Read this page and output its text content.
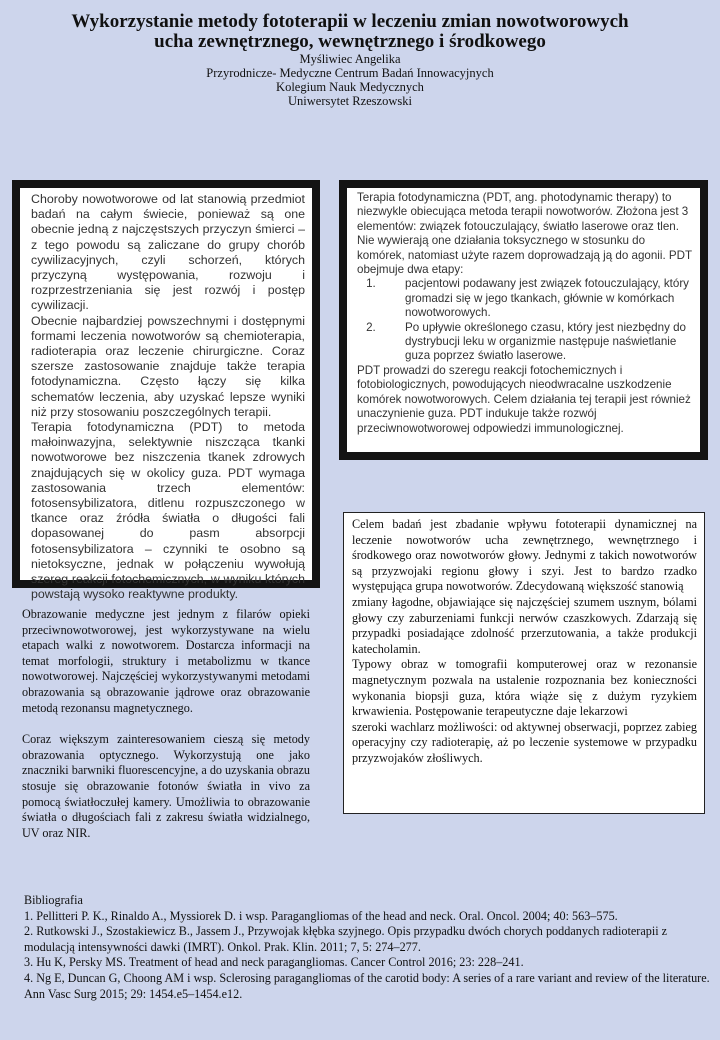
Wykorzystanie metody fototerapii w leczeniu zmian nowotworowych ucha zewnętrznego, wewnętrznego i środkowego
Myśliwiec Angelika
Przyrodnicze- Medyczne Centrum Badań Innowacyjnych
Kolegium Nauk Medycznych
Uniwersytet Rzeszowski

Choroby nowotworowe od lat stanowią przedmiot badań na całym świecie, ponieważ są one obecnie jedną z najczęstszych przyczyn śmierci – z tego powodu są zaliczane do grupy chorób cywilizacyjnych, czyli schorzeń, których przyczyną występowania, rozwoju i rozprzestrzeniania się jest rozwój i postęp cywilizacji.

Obecnie najbardziej powszechnymi i dostępnymi formami leczenia nowotworów są chemioterapia, radioterapia oraz leczenie chirurgiczne. Coraz szersze zastosowanie znajduje także terapia fotodynamiczna. Często łączy się kilka schematów leczenia, aby uzyskać lepsze wyniki niż przy stosowaniu poszczególnych terapii.

Terapia fotodynamiczna (PDT) to metoda małoinwazyjna, selektywnie niszcząca tkanki nowotworowe bez niszczenia tkanek zdrowych znajdujących się w okolicy guza. PDT wymaga zastosowania trzech elementów: fotosensybilizatora, ditlenu rozpuszczonego w tkance oraz źródła światła o długości fali dopasowanej do pasm absorpcji fotosensybilizatora – czynniki te osobno są nietoksyczne, jednak w połączeniu wywołują szereg reakcji fotochemicznych, w wyniku których powstają wysoko reaktywne produkty.

Terapia fotodynamiczna (PDT, ang. photodynamic therapy) to niezwykle obiecująca metoda terapii nowotworów. Złożona jest 3 elementów: związek fotouczulający, światło laserowe oraz tlen. Nie wywierają one działania toksycznego w stosunku do komórek, natomiast użyte razem doprowadzają ją do agonii. PDT obejmuje dwa etapy:

1. pacjentowi podawany jest związek fotouczulający, który gromadzi się w jego tkankach, głównie w komórkach nowotworowych.
2. Po upływie określonego czasu, który jest niezbędny do dystrybucji leku w organizmie następuje naświetlanie guza poprzez światło laserowe.

PDT prowadzi do szeregu reakcji fotochemicznych i fotobiologicznych, powodujących nieodwracalne uszkodzenie komórek nowotworowych. Celem działania tej terapii jest również unaczynienie guza. PDT indukuje także rozwój przeciwnowotworowej odpowiedzi immunologicznej.

Celem badań jest zbadanie wpływu fototerapii dynamicznej na leczenie nowotworów ucha zewnętrznego, wewnętrznego i środkowego oraz nowotworów głowy. Jednymi z takich nowotworów są przyzwojaki regionu głowy i szyi. Jest to bardzo rzadko występująca grupa nowotworów. Zdecydowaną większość stanowią

zmiany łagodne, objawiające się najczęściej szumem usznym, bólami głowy czy zaburzeniami funkcji nerwów czaszkowych. Zdarzają się przypadki posiadające zdolność przerzutowania, a także produkcji katecholamin.

Typowy obraz w tomografii komputerowej oraz w rezonansie magnetycznym pozwala na ustalenie rozpoznania bez konieczności wykonania biopsji guza, która wiąże się z dużym ryzykiem krwawienia. Postępowanie terapeutyczne daje lekarzowi

szeroki wachlarz możliwości: od aktywnej obserwacji, poprzez zabieg operacyjny czy radioterapię, aż po leczenie systemowe w przypadku przyzwojaków złośliwych.

Obrazowanie medyczne jest jednym z filarów opieki przeciwnowotworowej, jest wykorzystywane na wielu etapach walki z nowotworem. Dostarcza informacji na temat morfologii, struktury i metabolizmu w tkance nowotworowej. Najczęściej wykorzystywanymi metodami obrazowania są obrazowanie jądrowe oraz obrazowanie metodą rezonansu magnetycznego.

Coraz większym zainteresowaniem cieszą się metody obrazowania optycznego. Wykorzystują one jako znaczniki barwniki fluorescencyjne, a do uzyskania obrazu stosuje się obrazowanie fotonów światła in vivo za pomocą światłoczułej kamery. Umożliwia to obrazowanie światła o długościach fali z zakresu światła widzialnego, UV oraz NIR.

Bibliografia

1. Pellitteri P. K., Rinaldo A., Myssiorek D. i wsp. Paragangliomas of the head and neck. Oral. Oncol. 2004; 40: 563–575.

2. Rutkowski J., Szostakiewicz B., Jassem J., Przywojak kłębka szyjnego. Opis przypadku dwóch chorych poddanych radioterapii z modulacją intensywności dawki (IMRT). Onkol. Prak. Klin. 2011; 7, 5: 274–277.

3. Hu K, Persky MS. Treatment of head and neck paragangliomas. Cancer Control 2016; 23: 228–241.

4. Ng E, Duncan G, Choong AM i wsp. Sclerosing paragangliomas of the carotid body: A series of a rare variant and review of the literature. Ann Vasc Surg 2015; 29: 1454.e5–1454.e12.
